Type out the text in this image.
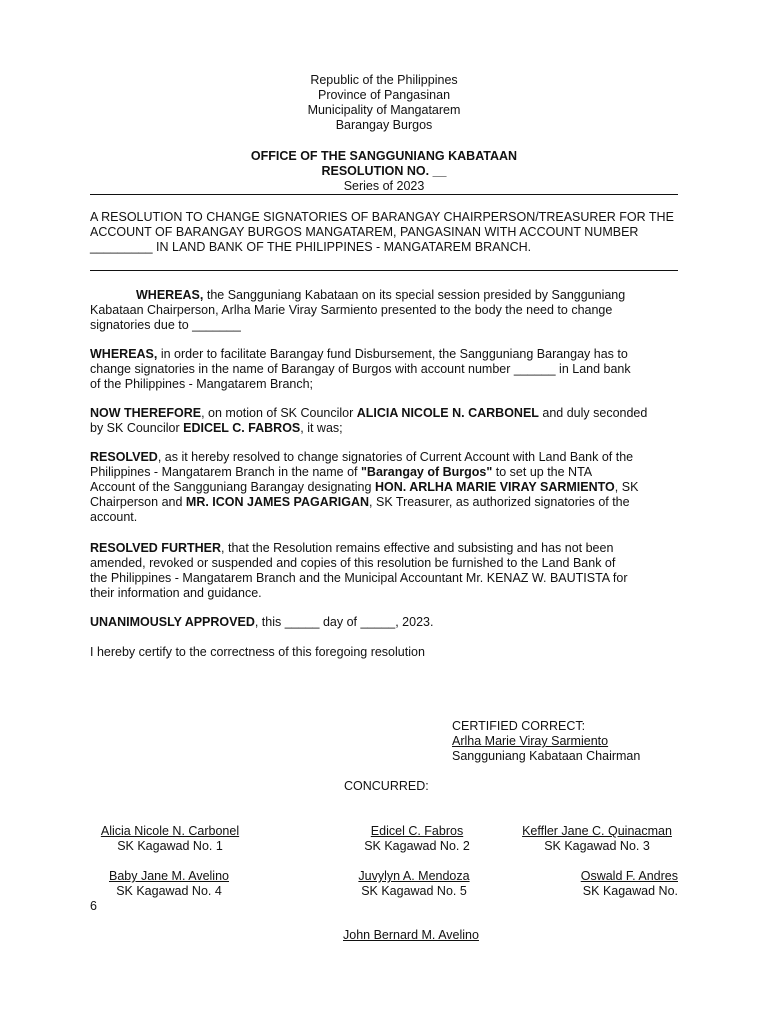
Republic of the Philippines
Province of Pangasinan
Municipality of Mangatarem
Barangay Burgos
OFFICE OF THE SANGGUNIANG KABATAAN
RESOLUTION NO. __
Series of 2023

A RESOLUTION TO CHANGE SIGNATORIES OF BARANGAY CHAIRPERSON/TREASURER FOR THE

ACCOUNT OF BARANGAY BURGOS MANGATAREM, PANGASINAN WITH ACCOUNT NUMBER

_________ IN LAND BANK OF THE PHILIPPINES - MANGATAREM BRANCH.

WHEREAS, the Sangguniang Kabataan on its special session presided by Sangguniang

Kabataan Chairperson, Arlha Marie Viray Sarmiento presented to the body the need to change

signatories due to _______

WHEREAS, in order to facilitate Barangay fund Disbursement, the Sangguniang Barangay has to

change signatories in the name of Barangay of Burgos with account number ______ in Land bank

of the Philippines - Mangatarem Branch;

NOW THEREFORE, on motion of SK Councilor ALICIA NICOLE N. CARBONEL and duly seconded

by SK Councilor EDICEL C. FABROS, it was;

RESOLVED, as it hereby resolved to change signatories of Current Account with Land Bank of the

Philippines - Mangatarem Branch in the name of "Barangay of Burgos" to set up the NTA

Account of the Sangguniang Barangay designating HON. ARLHA MARIE VIRAY SARMIENTO, SK

Chairperson and MR. ICON JAMES PAGARIGAN, SK Treasurer, as authorized signatories of the

account.

RESOLVED FURTHER, that the Resolution remains effective and subsisting and has not been

amended, revoked or suspended and copies of this resolution be furnished to the Land Bank of

the Philippines - Mangatarem Branch and the Municipal Accountant Mr. KENAZ W. BAUTISTA for

their information and guidance.

UNANIMOUSLY APPROVED, this _____ day of _____, 2023.

I hereby certify to the correctness of this foregoing resolution
CERTIFIED CORRECT:
Arlha Marie Viray Sarmiento
Sangguniang Kabataan Chairman
CONCURRED:
Alicia Nicole N. Carbonel
SK Kagawad No. 1
Edicel C. Fabros
SK Kagawad No. 2
Keffler Jane C. Quinacman
SK Kagawad No. 3
Baby Jane M. Avelino
SK Kagawad No. 4
Juvylyn A. Mendoza
SK Kagawad No. 5
Oswald F. Andres
SK Kagawad No.
6
John Bernard M. Avelino
